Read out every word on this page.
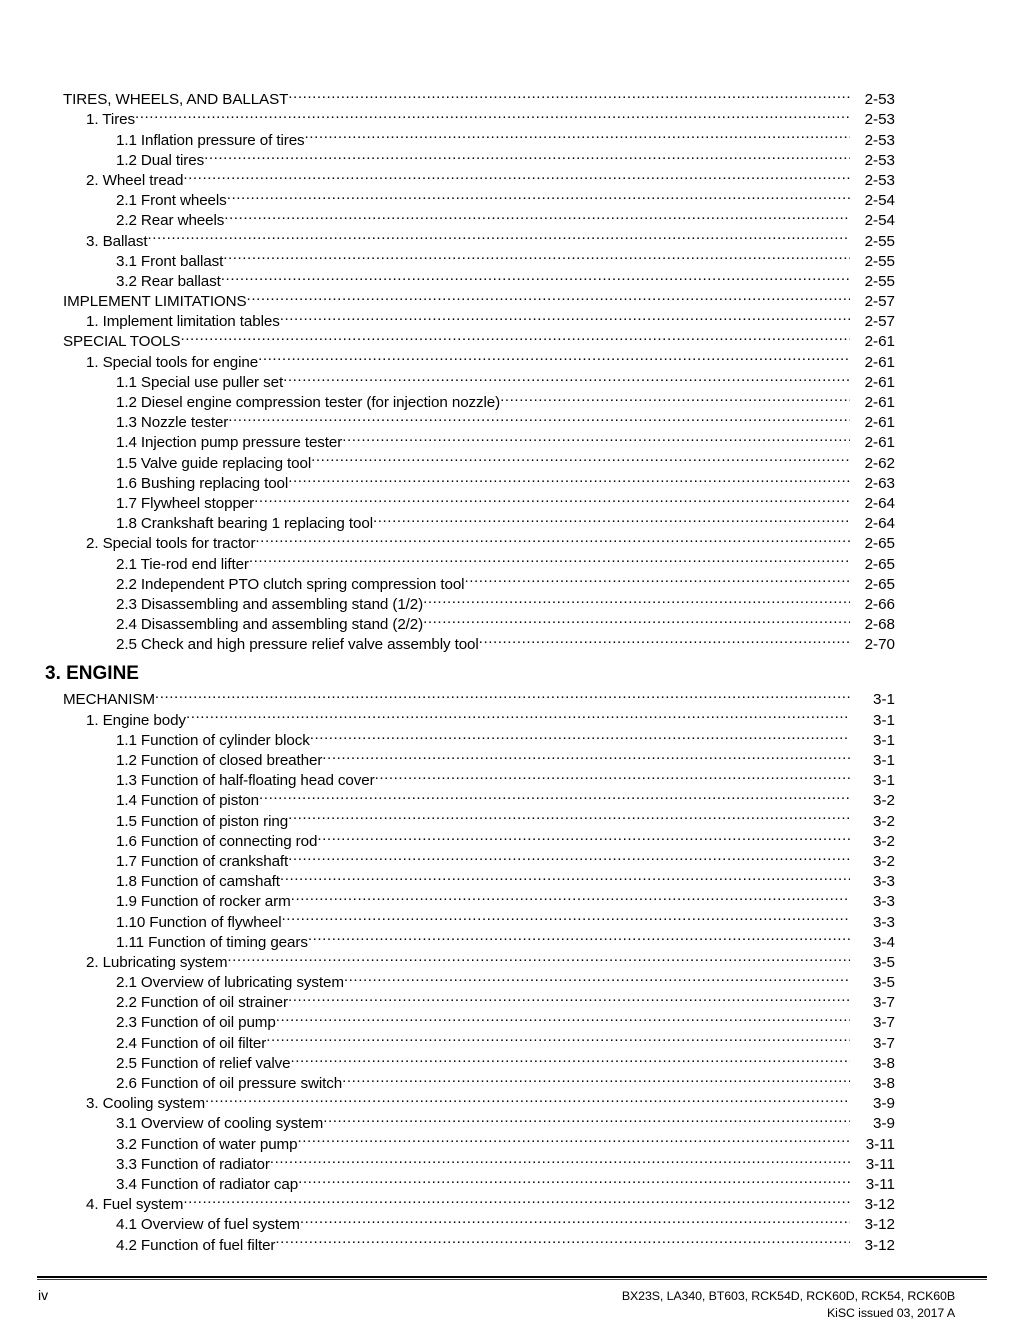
TIRES, WHEELS, AND BALLAST .....	2-53
1. Tires .....	2-53
1.1 Inflation pressure of tires .....	2-53
1.2 Dual tires .....	2-53
2. Wheel tread .....	2-53
2.1 Front wheels .....	2-54
2.2 Rear wheels .....	2-54
3. Ballast .....	2-55
3.1 Front ballast .....	2-55
3.2 Rear ballast .....	2-55
IMPLEMENT LIMITATIONS .....	2-57
1. Implement limitation tables .....	2-57
SPECIAL TOOLS .....	2-61
1. Special tools for engine .....	2-61
1.1 Special use puller set .....	2-61
1.2 Diesel engine compression tester (for injection nozzle) .....	2-61
1.3 Nozzle tester .....	2-61
1.4 Injection pump pressure tester .....	2-61
1.5 Valve guide replacing tool .....	2-62
1.6 Bushing replacing tool .....	2-63
1.7 Flywheel stopper .....	2-64
1.8 Crankshaft bearing 1 replacing tool .....	2-64
2. Special tools for tractor .....	2-65
2.1 Tie-rod end lifter .....	2-65
2.2 Independent PTO clutch spring compression tool .....	2-65
2.3 Disassembling and assembling stand (1/2) .....	2-66
2.4 Disassembling and assembling stand (2/2) .....	2-68
2.5 Check and high pressure relief valve assembly tool .....	2-70
3. ENGINE
MECHANISM .....	3-1
1. Engine body .....	3-1
1.1 Function of cylinder block .....	3-1
1.2 Function of closed breather .....	3-1
1.3 Function of half-floating head cover .....	3-1
1.4 Function of piston .....	3-2
1.5 Function of piston ring .....	3-2
1.6 Function of connecting rod .....	3-2
1.7 Function of crankshaft .....	3-2
1.8 Function of camshaft .....	3-3
1.9 Function of rocker arm .....	3-3
1.10 Function of flywheel .....	3-3
1.11 Function of timing gears .....	3-4
2. Lubricating system .....	3-5
2.1 Overview of lubricating system .....	3-5
2.2 Function of oil strainer .....	3-7
2.3 Function of oil pump .....	3-7
2.4 Function of oil filter .....	3-7
2.5 Function of relief valve .....	3-8
2.6 Function of oil pressure switch .....	3-8
3. Cooling system .....	3-9
3.1 Overview of cooling system .....	3-9
3.2 Function of water pump .....	3-11
3.3 Function of radiator .....	3-11
3.4 Function of radiator cap .....	3-11
4. Fuel system .....	3-12
4.1 Overview of fuel system .....	3-12
4.2 Function of fuel filter .....	3-12
iv	BX23S, LA340, BT603, RCK54D, RCK60D, RCK54, RCK60B
KiSC issued 03, 2017 A
